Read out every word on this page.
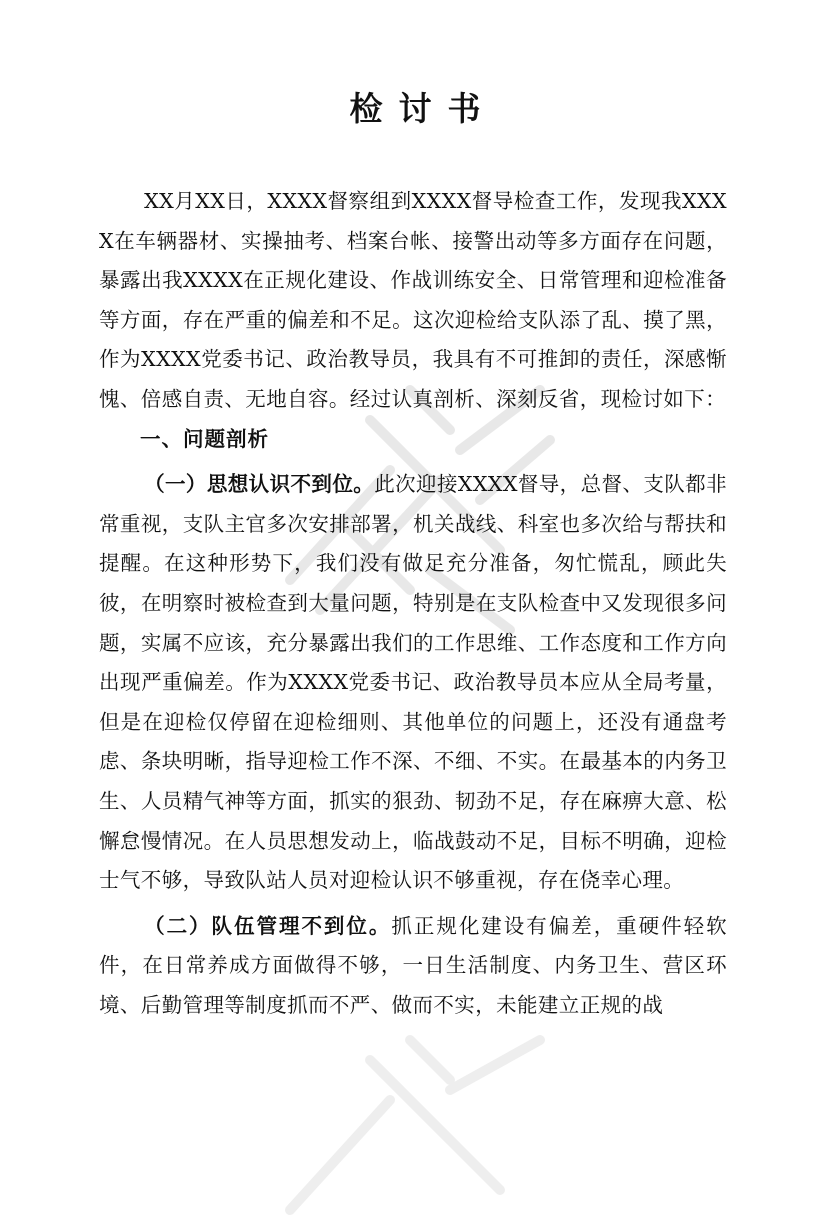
检讨书

XX月XX日，XXXX督察组到XXXX督导检查工作，发现我XXXX在车辆器材、实操抽考、档案台帐、接警出动等多方面存在问题，暴露出我XXXX在正规化建设、作战训练安全、日常管理和迎检准备等方面，存在严重的偏差和不足。这次迎检给支队添了乱、摸了黑，作为XXXX党委书记、政治教导员，我具有不可推卸的责任，深感惭愧、倍感自责、无地自容。经过认真剖析、深刻反省，现检讨如下：

一、问题剖析

（一）思想认识不到位。此次迎接XXXX督导，总督、支队都非常重视，支队主官多次安排部署，机关战线、科室也多次给与帮扶和提醒。在这种形势下，我们没有做足充分准备，匆忙慌乱，顾此失彼，在明察时被检查到大量问题，特别是在支队检查中又发现很多问题，实属不应该，充分暴露出我们的工作思维、工作态度和工作方向出现严重偏差。作为XXXX党委书记、政治教导员本应从全局考量，但是在迎检仅停留在迎检细则、其他单位的问题上，还没有通盘考虑、条块明晰，指导迎检工作不深、不细、不实。在最基本的内务卫生、人员精气神等方面，抓实的狠劲、韧劲不足，存在麻痹大意、松懈怠慢情况。在人员思想发动上，临战鼓动不足，目标不明确，迎检士气不够，导致队站人员对迎检认识不够重视，存在侥幸心理。

（二）队伍管理不到位。抓正规化建设有偏差，重硬件轻软件，在日常养成方面做得不够，一日生活制度、内务卫生、营区环境、后勤管理等制度抓而不严、做而不实，未能建立正规的战
